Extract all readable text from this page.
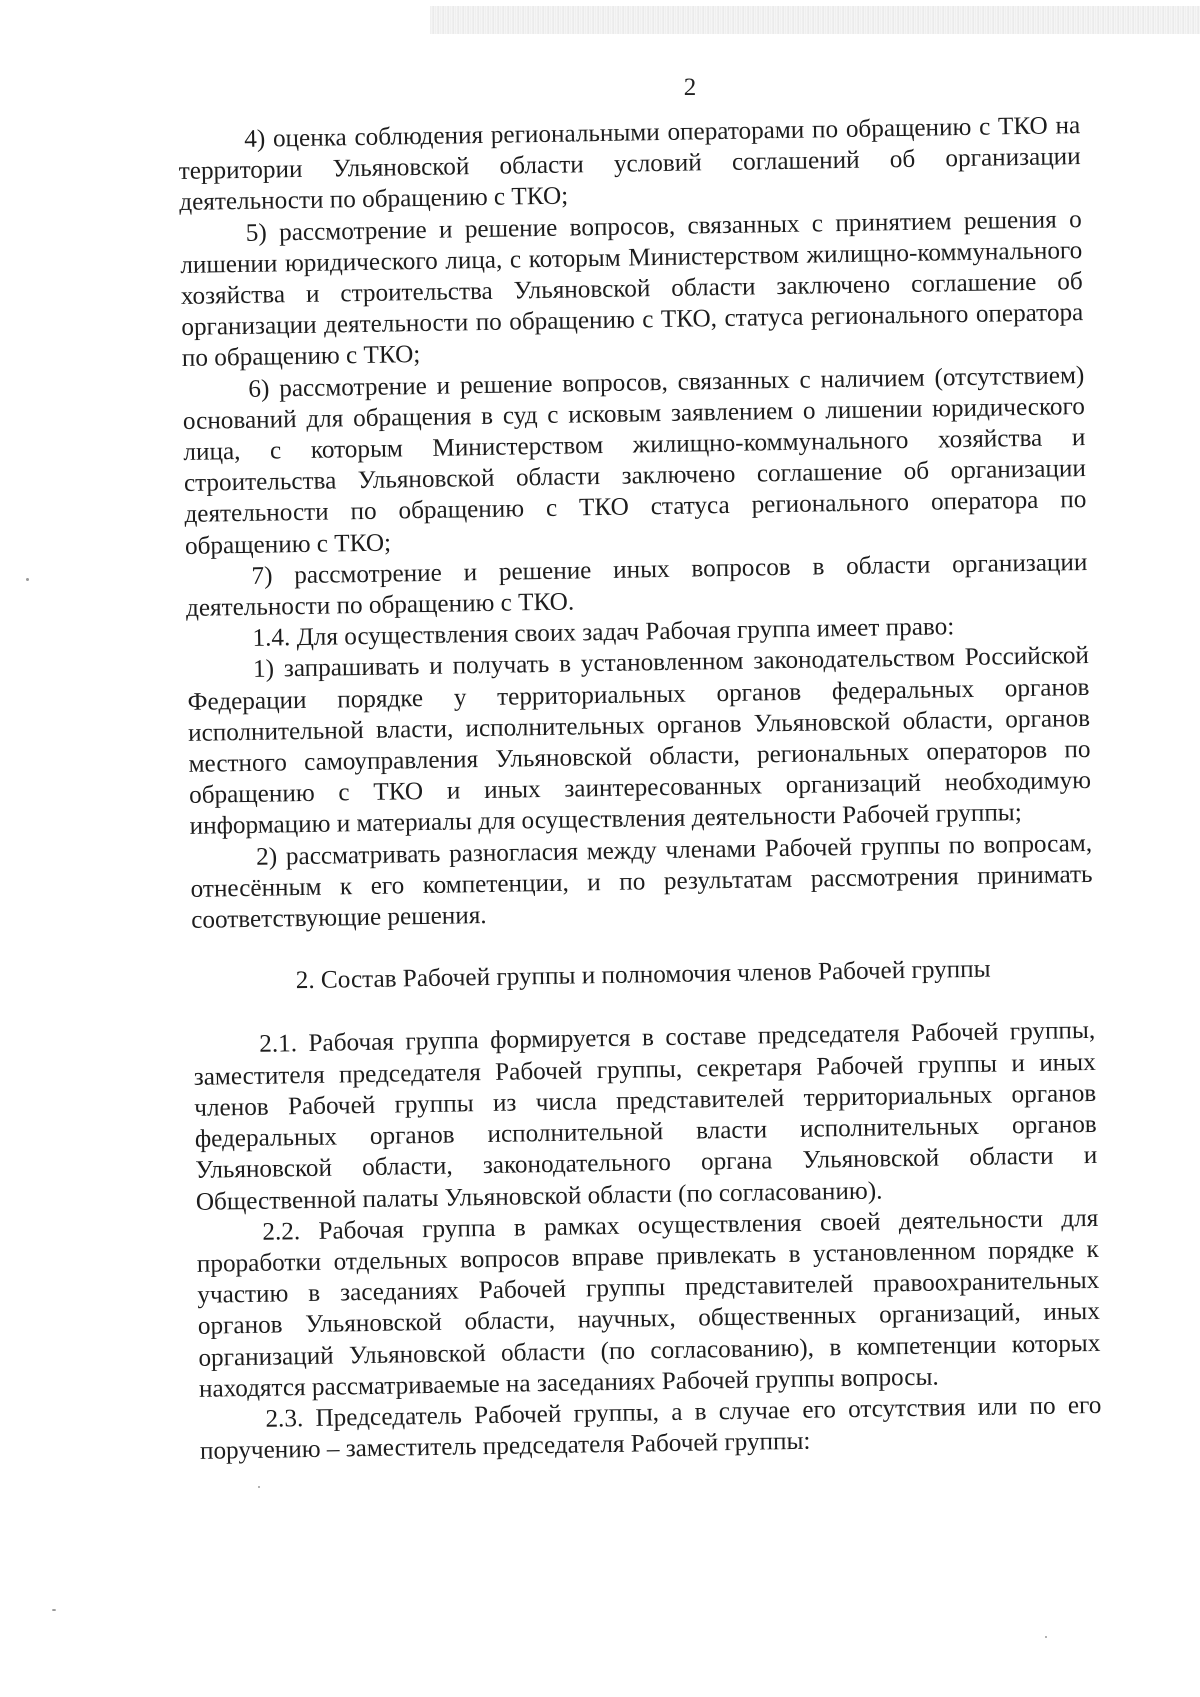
2

4) оценка соблюдения региональными операторами по обращению с ТКО на территории Ульяновской области условий соглашений об организации деятельности по обращению с ТКО;

5) рассмотрение и решение вопросов, связанных с принятием решения о лишении юридического лица, с которым Министерством жилищно-коммунального хозяйства и строительства Ульяновской области заключено соглашение об организации деятельности по обращению с ТКО, статуса регионального оператора по обращению с ТКО;

6) рассмотрение и решение вопросов, связанных с наличием (отсутствием) оснований для обращения в суд с исковым заявлением о лишении юридического лица, с которым Министерством жилищно-коммунального хозяйства и строительства Ульяновской области заключено соглашение об организации деятельности по обращению с ТКО статуса регионального оператора по обращению с ТКО;

7) рассмотрение и решение иных вопросов в области организации деятельности по обращению с ТКО.

1.4. Для осуществления своих задач Рабочая группа имеет право:

1) запрашивать и получать в установленном законодательством Российской Федерации порядке у территориальных органов федеральных органов исполнительной власти, исполнительных органов Ульяновской области, органов местного самоуправления Ульяновской области, региональных операторов по обращению с ТКО и иных заинтересованных организаций необходимую информацию и материалы для осуществления деятельности Рабочей группы;

2) рассматривать разногласия между членами Рабочей группы по вопросам, отнесённым к его компетенции, и по результатам рассмотрения принимать соответствующие решения.

2. Состав Рабочей группы и полномочия членов Рабочей группы

2.1. Рабочая группа формируется в составе председателя Рабочей группы, заместителя председателя Рабочей группы, секретаря Рабочей группы и иных членов Рабочей группы из числа представителей территориальных органов федеральных органов исполнительной власти исполнительных органов Ульяновской области, законодательного органа Ульяновской области и Общественной палаты Ульяновской области (по согласованию).

2.2. Рабочая группа в рамках осуществления своей деятельности для проработки отдельных вопросов вправе привлекать в установленном порядке к участию в заседаниях Рабочей группы представителей правоохранительных органов Ульяновской области, научных, общественных организаций, иных организаций Ульяновской области (по согласованию), в компетенции которых находятся рассматриваемые на заседаниях Рабочей группы вопросы.

2.3. Председатель Рабочей группы, а в случае его отсутствия или по его поручению – заместитель председателя Рабочей группы:
